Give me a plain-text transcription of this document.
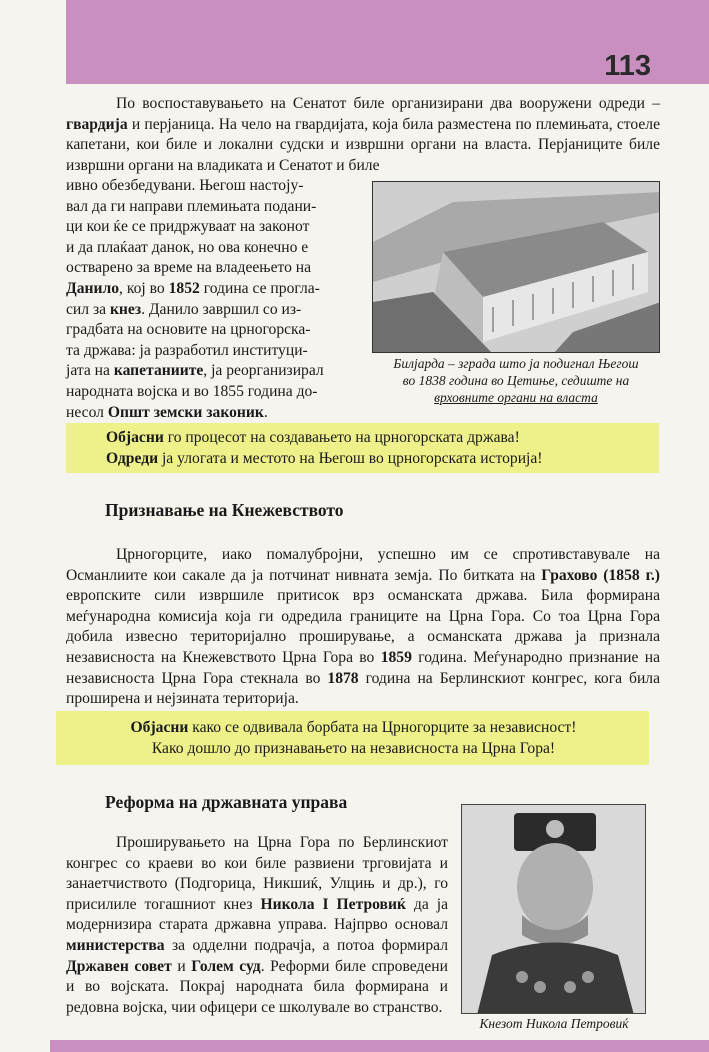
113
По воспоставувањето на Сенатот биле организирани два вооружени одреди – гвардија и перјаница. На чело на гвардијата, која била разместена по племињата, стоеле капетани, кои биле и локални судски и извршни органи на власта. Перјаниците биле извршни органи на владиката и Сенатот и биле
ивно обезбедувани. Његош настоју-
вал да ги направи племињата подани-
ци кои ќе се придржуваат на законот
и да плаќаат данок, но ова конечно е
остварено за време на владеењето на
Данило, кој во 1852 година се прогла-
сил за кнез. Данило завршил со из-
градбата на основите на црногорска-
та држава: ја разработил институци-
јата на капетаниите, ја реорганизирал
народната војска и во 1855 година до-
несол Општ земски законик.
Билјарда – зграда што ја подигнал Његош
во 1838 година во Цетиње, седиште на
врховните органи на власта
Објасни го процесот на создавањето на црногорската држава!
Одреди ја улогата и местото на Његош во црногорската историја!
Признавање на Кнежевството
Црногорците, иако помалубројни, успешно им се спротивставувале на Османлиите кои сакале да ја потчинат нивната земја. По битката на Грахово (1858 г.) европските сили извршиле притисок врз османската држава. Била формирана меѓународна комисија која ги одредила границите на Црна Гора. Со тоа Црна Гора добила извесно територијално проширување, а османската држава ја признала независноста на Кнежевството Црна Гора во 1859 година. Меѓународно признание на независноста Црна Гора стекнала во 1878 година на Берлинскиот конгрес, кога била проширена и нејзината територија.
Објасни како се одвивала борбата на Црногорците за независност!
Како дошло до признавањето на независноста на Црна Гора!
Реформа на државната управа
Проширувањето на Црна Гора по Берлинскиот конгрес со краеви во кои биле развиени трговијата и занаетчиството (Подгорица, Никшиќ, Улцињ и др.), го присилиле тогашниот кнез Никола I Петровиќ да ја модернизира старата државна управа. Најпрво основал министерства за одделни подрачја, а потоа формирал Државен совет и Голем суд. Реформи биле спроведени и во војската. Покрај народната била формирана и редовна војска, чии офицери се школувале во странство.
Кнезот Никола Петровиќ
